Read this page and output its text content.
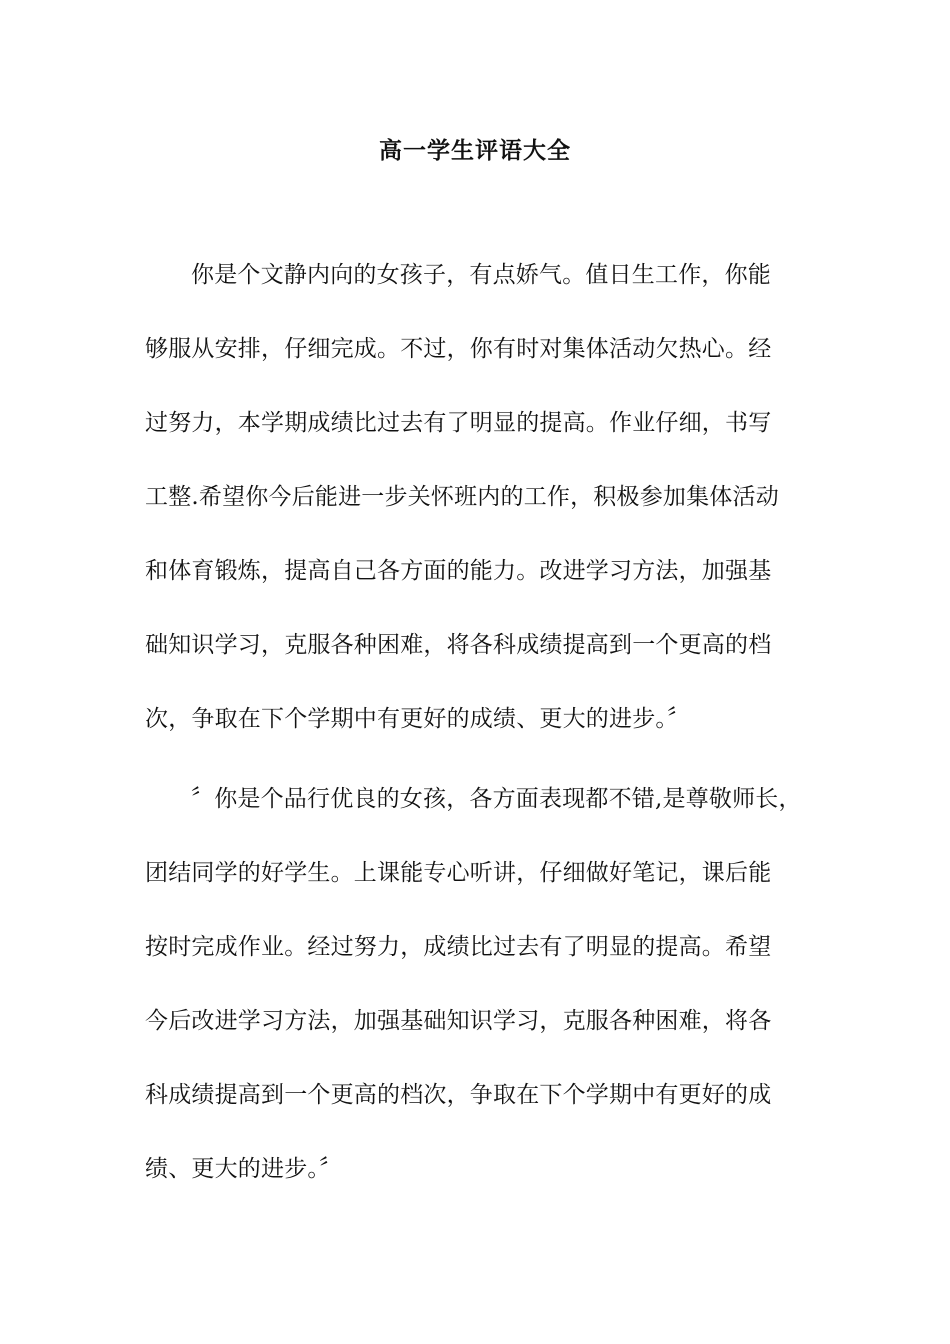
高一学生评语大全
你是个文静内向的女孩子，有点娇气。值日生工作，你能
够服从安排，仔细完成。不过，你有时对集体活动欠热心。经
过努力，本学期成绩比过去有了明显的提高。作业仔细，书写
工整.希望你今后能进一步关怀班内的工作，积极参加集体活动
和体育锻炼，提高自己各方面的能力。改进学习方法，加强基
础知识学习，克服各种困难，将各科成绩提高到一个更高的档
次，争取在下个学期中有更好的成绩、更大的进步。〞
〞你是个品行优良的女孩，各方面表现都不错,是尊敬师长，
团结同学的好学生。上课能专心听讲，仔细做好笔记，课后能
按时完成作业。经过努力，成绩比过去有了明显的提高。希望
今后改进学习方法，加强基础知识学习，克服各种困难，将各
科成绩提高到一个更高的档次，争取在下个学期中有更好的成
绩、更大的进步。〞
